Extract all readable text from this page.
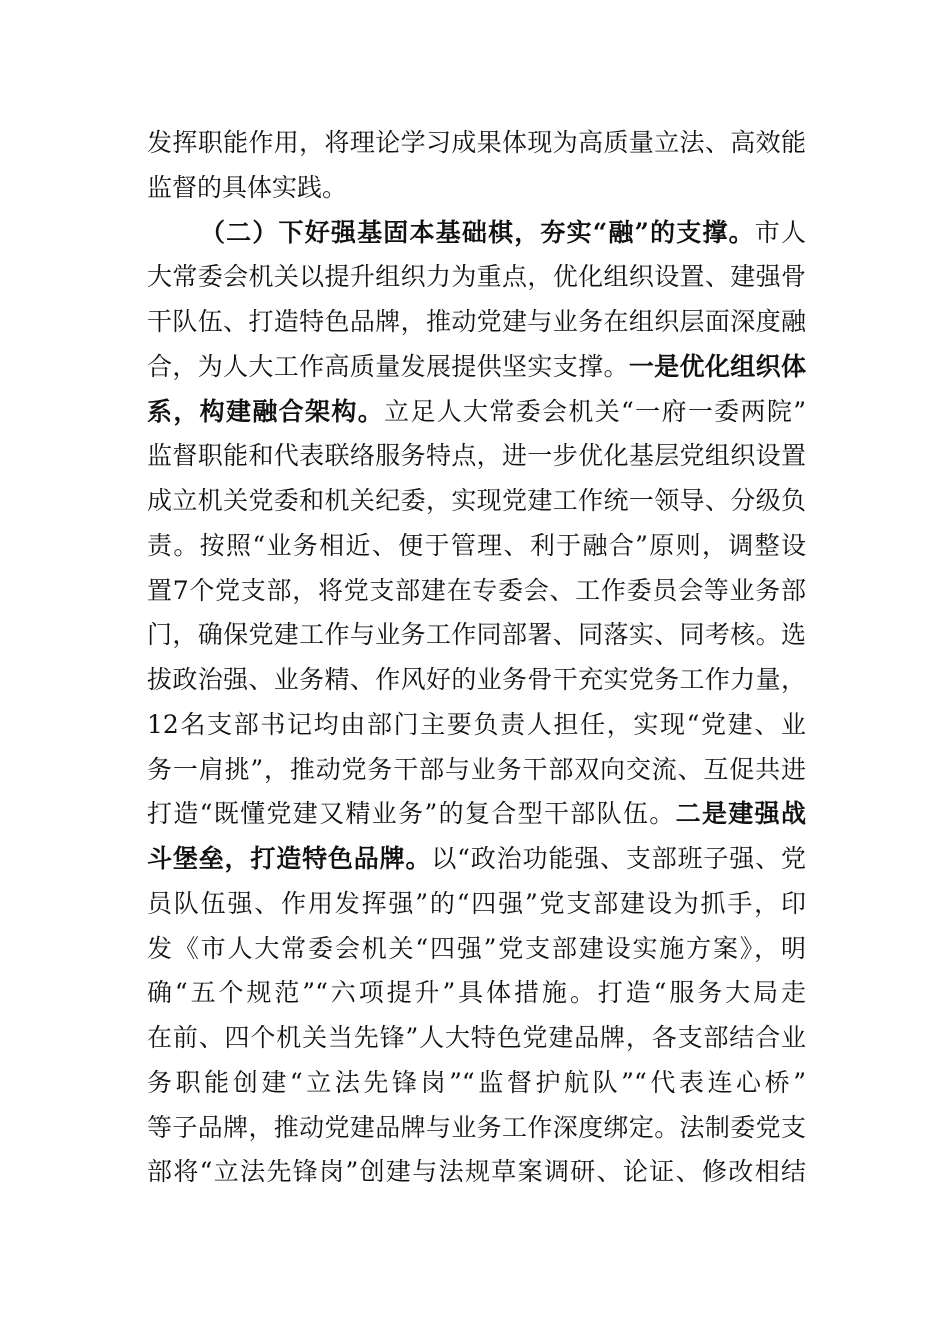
发挥职能作用，将理论学习成果体现为高质量立法、高效能
监督的具体实践。
（二）下好强基固本基础棋，夯实“融”的支撑。市人
大常委会机关以提升组织力为重点，优化组织设置、建强骨
干队伍、打造特色品牌，推动党建与业务在组织层面深度融
合，为人大工作高质量发展提供坚实支撑。一是优化组织体
系，构建融合架构。立足人大常委会机关“一府一委两院”
监督职能和代表联络服务特点，进一步优化基层党组织设置
成立机关党委和机关纪委，实现党建工作统一领导、分级负
责。按照“业务相近、便于管理、利于融合”原则，调整设
置7个党支部，将党支部建在专委会、工作委员会等业务部
门，确保党建工作与业务工作同部署、同落实、同考核。选
拔政治强、业务精、作风好的业务骨干充实党务工作力量，
12名支部书记均由部门主要负责人担任，实现“党建、业
务一肩挑”，推动党务干部与业务干部双向交流、互促共进
打造“既懂党建又精业务”的复合型干部队伍。二是建强战
斗堡垒，打造特色品牌。以“政治功能强、支部班子强、党
员队伍强、作用发挥强”的“四强”党支部建设为抓手，印
发《市人大常委会机关“四强”党支部建设实施方案》，明
确“五个规范”“六项提升”具体措施。打造“服务大局走
在前、四个机关当先锋”人大特色党建品牌，各支部结合业
务职能创建“立法先锋岗”“监督护航队”“代表连心桥”
等子品牌，推动党建品牌与业务工作深度绑定。法制委党支
部将“立法先锋岗”创建与法规草案调研、论证、修改相结
